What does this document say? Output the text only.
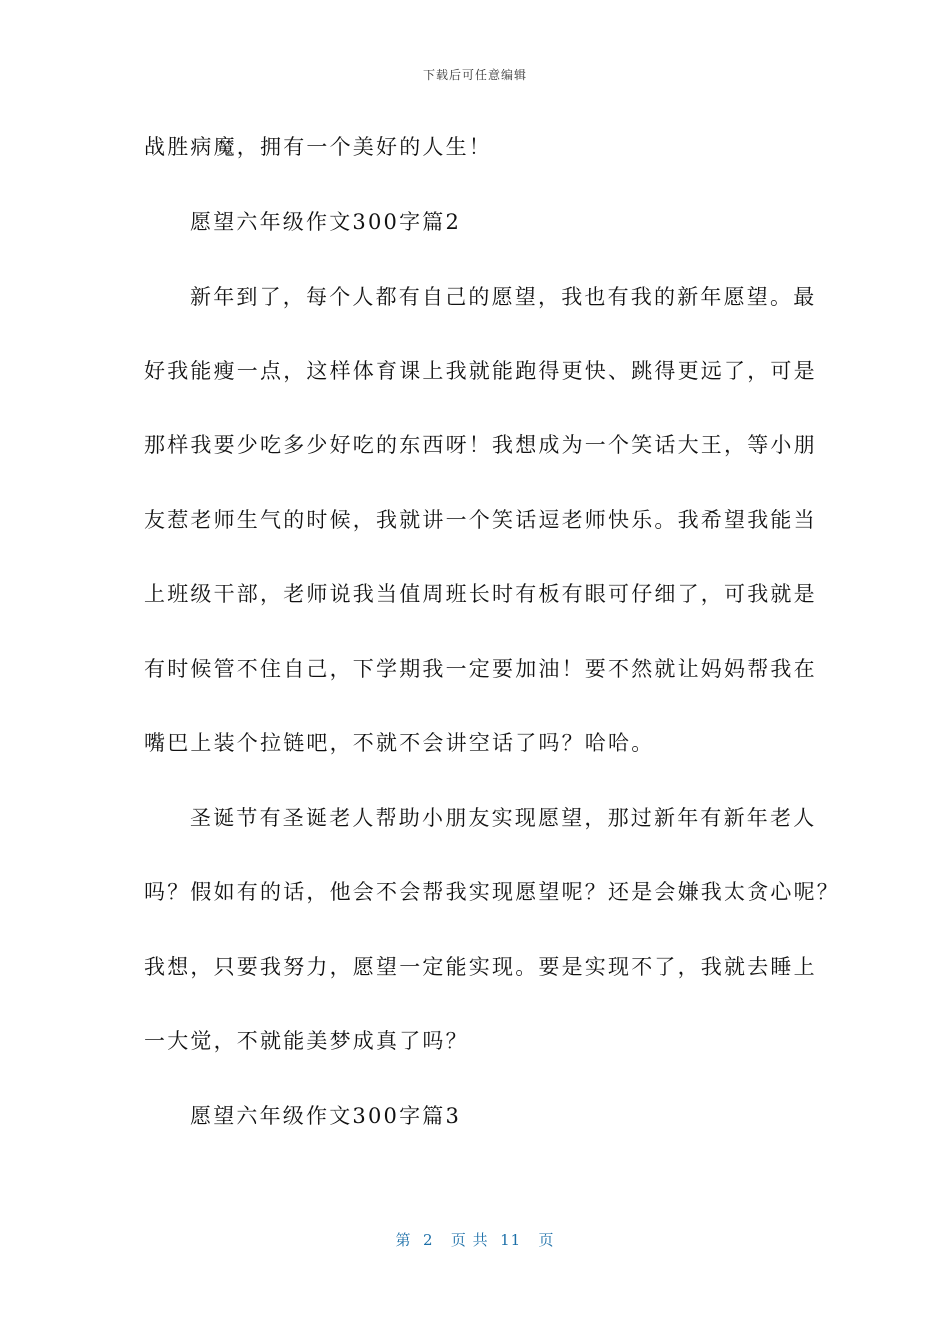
下载后可任意编辑
战胜病魔，拥有一个美好的人生！
愿望六年级作文300字篇2
新年到了，每个人都有自己的愿望，我也有我的新年愿望。最
好我能瘦一点，这样体育课上我就能跑得更快、跳得更远了，可是
那样我要少吃多少好吃的东西呀！我想成为一个笑话大王，等小朋
友惹老师生气的时候，我就讲一个笑话逗老师快乐。我希望我能当
上班级干部，老师说我当值周班长时有板有眼可仔细了，可我就是
有时候管不住自己，下学期我一定要加油！要不然就让妈妈帮我在
嘴巴上装个拉链吧，不就不会讲空话了吗？哈哈。
圣诞节有圣诞老人帮助小朋友实现愿望，那过新年有新年老人
吗？假如有的话，他会不会帮我实现愿望呢？还是会嫌我太贪心呢？
我想，只要我努力，愿望一定能实现。要是实现不了，我就去睡上
一大觉，不就能美梦成真了吗？
愿望六年级作文300字篇3
第  2   页 共  11   页
